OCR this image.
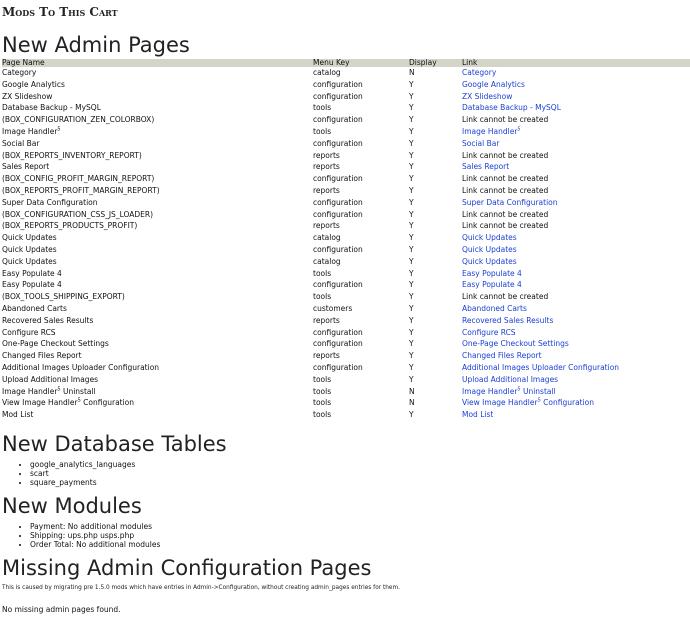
Mods To This Cart
New Admin Pages
Page Name	Menu Key	Display	Link
Category	catalog	N	Category
Google Analytics	configuration	Y	Google Analytics
ZX Slideshow	configuration	Y	ZX Slideshow
Database Backup - MySQL	tools	Y	Database Backup - MySQL
(BOX_CONFIGURATION_ZEN_COLORBOX)	configuration	Y	Link cannot be created
Image Handler$^5$	tools	Y	Image Handler$^5$
Social Bar	configuration	Y	Social Bar
(BOX_REPORTS_INVENTORY_REPORT)	reports	Y	Link cannot be created
Sales Report	reports	Y	Sales Report
(BOX_CONFIG_PROFIT_MARGIN_REPORT)	configuration	Y	Link cannot be created
(BOX_REPORTS_PROFIT_MARGIN_REPORT)	reports	Y	Link cannot be created
Super Data Configuration	configuration	Y	Super Data Configuration
(BOX_CONFIGURATION_CSS_JS_LOADER)	configuration	Y	Link cannot be created
(BOX_REPORTS_PRODUCTS_PROFIT)	reports	Y	Link cannot be created
Quick Updates	catalog	Y	Quick Updates
Quick Updates	configuration	Y	Quick Updates
Quick Updates	catalog	Y	Quick Updates
Easy Populate 4	tools	Y	Easy Populate 4
Easy Populate 4	configuration	Y	Easy Populate 4
(BOX_TOOLS_SHIPPING_EXPORT)	tools	Y	Link cannot be created
Abandoned Carts	customers	Y	Abandoned Carts
Recovered Sales Results	reports	Y	Recovered Sales Results
Configure RCS	configuration	Y	Configure RCS
One-Page Checkout Settings	configuration	Y	One-Page Checkout Settings
Changed Files Report	reports	Y	Changed Files Report
Additional Images Uploader Configuration	configuration	Y	Additional Images Uploader Configuration
Upload Additional Images	tools	Y	Upload Additional Images
Image Handler$^5$ Uninstall	tools	N	Image Handler$^5$ Uninstall
View Image Handler$^5$ Configuration	tools	N	View Image Handler$^5$ Configuration
Mod List	tools	Y	Mod List
New Database Tables
• google_analytics_languages
• scart
• square_payments
New Modules
• Payment: No additional modules
• Shipping: ups.php usps.php
• Order Total: No additional modules
Missing Admin Configuration Pages
This is caused by migrating pre 1.5.0 mods which have entries in Admin->Configuration, without creating admin_pages entries for them.
No missing admin pages found.
